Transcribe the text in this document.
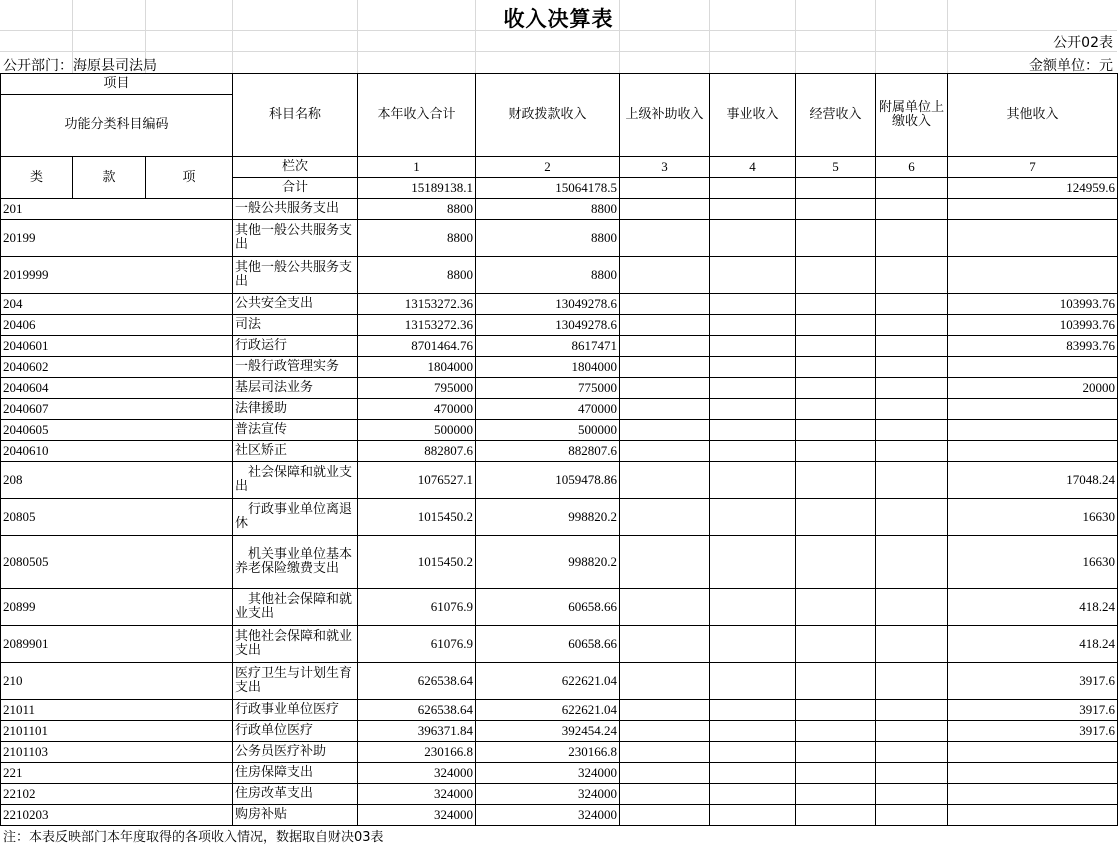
收入决算表
公开02表
公开部门：海原县司法局	金额单位：元
项目			科目名称	本年收入合计	财政拨款收入	上级补助收入	事业收入	经营收入	附属单位上缴收入	其他收入
功能分类科目编码										
类	款	项	栏次	1	2	3	4	5	6	7
			合计	15189138.1	15064178.5					124959.6
201			一般公共服务支出	8800	8800					
20199			其他一般公共服务支出	8800	8800					
2019999			其他一般公共服务支出	8800	8800					
204			公共安全支出	13153272.36	13049278.6					103993.76
20406			司法	13153272.36	13049278.6					103993.76
2040601			行政运行	8701464.76	8617471					83993.76
2040602			一般行政管理实务	1804000	1804000					
2040604			基层司法业务	795000	775000					20000
2040607			法律援助	470000	470000					
2040605			普法宣传	500000	500000					
2040610			社区矫正	882807.6	882807.6					
208			　社会保障和就业支出	1076527.1	1059478.86					17048.24
20805			　行政事业单位离退休	1015450.2	998820.2					16630
2080505			　机关事业单位基本养老保险缴费支出	1015450.2	998820.2					16630
20899			　其他社会保障和就业支出	61076.9	60658.66					418.24
2089901			其他社会保障和就业支出	61076.9	60658.66					418.24
210			医疗卫生与计划生育支出	626538.64	622621.04					3917.6
21011			行政事业单位医疗	626538.64	622621.04					3917.6
2101101			行政单位医疗	396371.84	392454.24					3917.6
2101103			公务员医疗补助	230166.8	230166.8					
221			住房保障支出	324000	324000					
22102			住房改革支出	324000	324000					
2210203			购房补贴	324000	324000					
注：本表反映部门本年度取得的各项收入情况，数据取自财决03表
